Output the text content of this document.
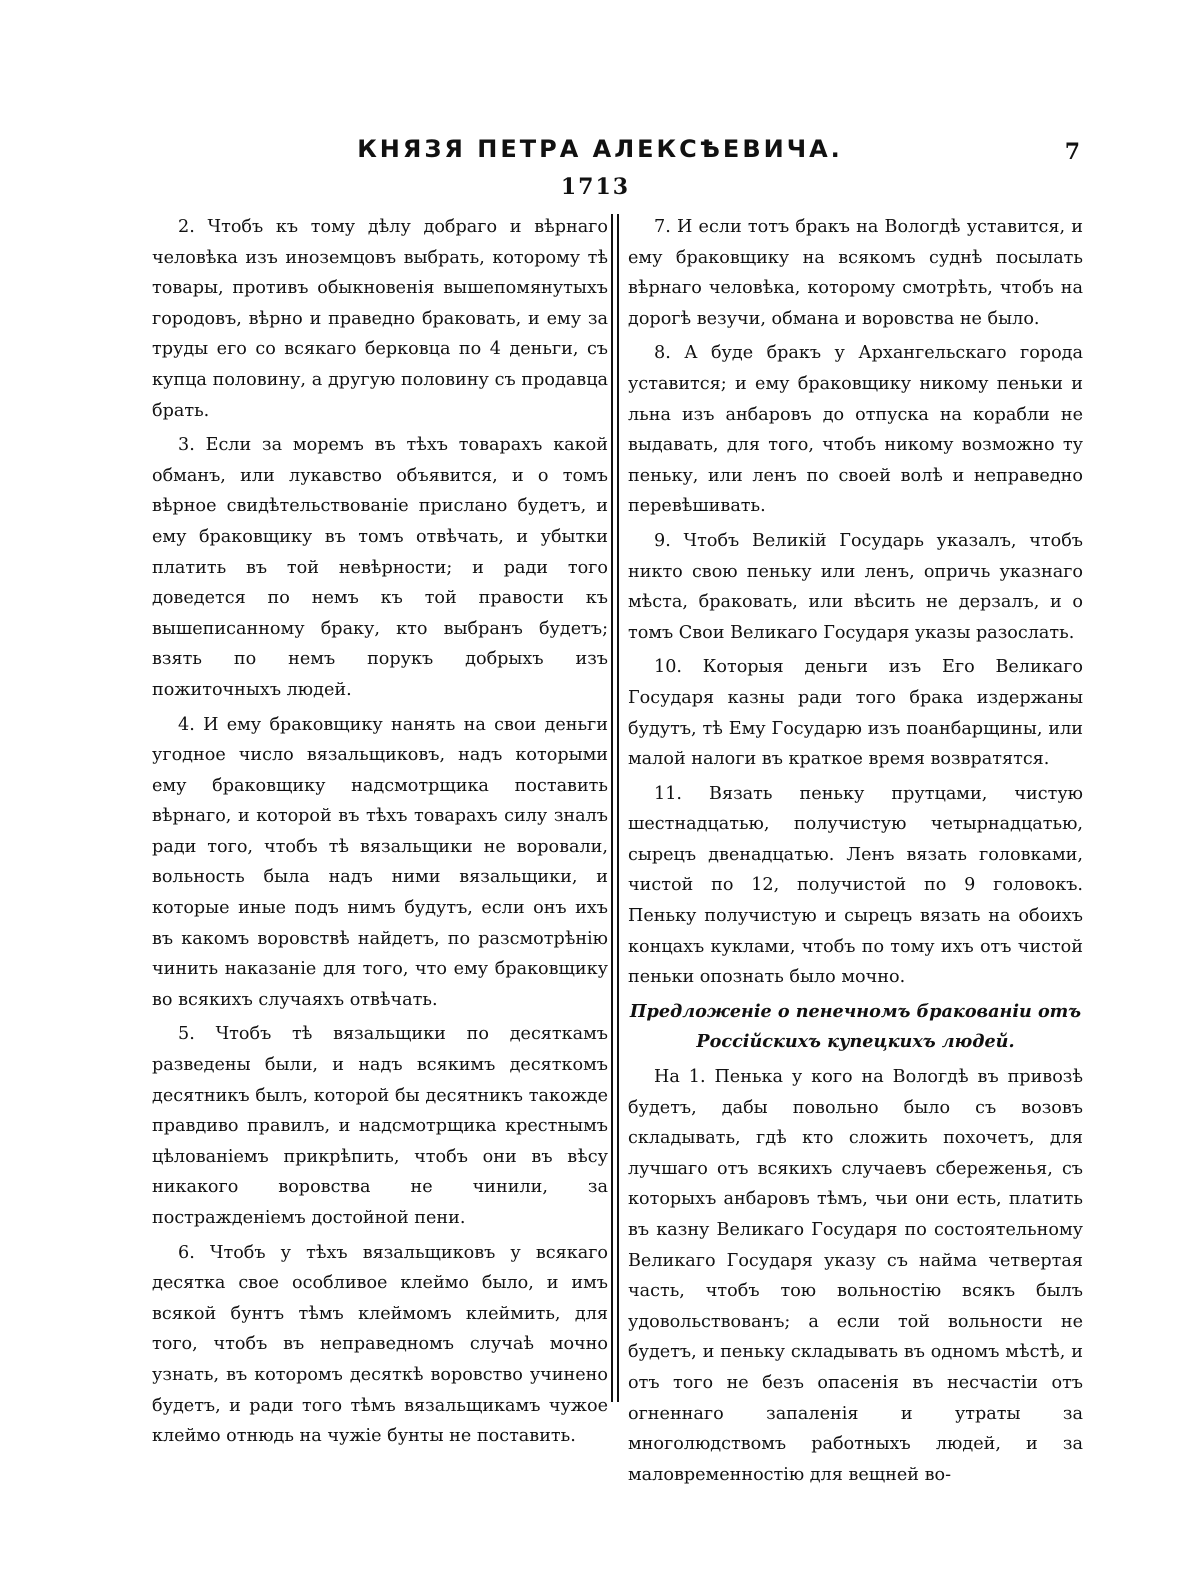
КНЯЗЯ ПЕТРА АЛЕКСѢЕВИЧА.	7
1713

2. Чтобъ къ тому дѣлу добраго и вѣрнаго человѣка изъ иноземцовъ выбрать, которому тѣ товары, противъ обыкновенія вышепомянутыхъ городовъ, вѣрно и праведно браковать, и ему за труды его со всякаго берковца по 4 деньги, съ купца половину, а другую половину съ продавца брать.

3. Если за моремъ въ тѣхъ товарахъ какой обманъ, или лукавство объявится, и о томъ вѣрное свидѣтельствованіе прислано будетъ, и ему браковщику въ томъ отвѣчать, и убытки платить въ той невѣрности; и ради того доведется по немъ къ той правости къ вышеписанному браку, кто выбранъ будетъ; взять по немъ порукъ добрыхъ изъ пожиточныхъ людей.

4. И ему браковщику нанять на свои деньги угодное число вязальщиковъ, надъ которыми ему браковщику надсмотрщика поставить вѣрнаго, и которой въ тѣхъ товарахъ силу зналъ ради того, чтобъ тѣ вязальщики не воровали, вольность была надъ ними вязальщики, и которые иные подъ нимъ будутъ, если онъ ихъ въ какомъ воровствѣ найдетъ, по разсмотрѣнію чинить наказаніе для того, что ему браковщику во всякихъ случаяхъ отвѣчать.

5. Чтобъ тѣ вязальщики по десяткамъ разведены были, и надъ всякимъ десяткомъ десятникъ былъ, которой бы десятникъ такожде правдиво правилъ, и надсмотрщика крестнымъ цѣлованіемъ прикрѣпить, чтобъ они въ вѣсу никакого воровства не чинили, за постражденіемъ достойной пени.

6. Чтобъ у тѣхъ вязальщиковъ у всякаго десятка свое особливое клеймо было, и имъ всякой бунтъ тѣмъ клеймомъ клеймить, для того, чтобъ въ неправедномъ случаѣ мочно узнать, въ которомъ десяткѣ воровство учинено будетъ, и ради того тѣмъ вязальщикамъ чужое клеймо отнюдь на чужіе бунты не поставить.

7. И если тотъ бракъ на Вологдѣ уставится, и ему браковщику на всякомъ суднѣ посылать вѣрнаго человѣка, которому смотрѣть, чтобъ на дорогѣ везучи, обмана и воровства не было.

8. А буде бракъ у Архангельскаго города уставится; и ему браковщику никому пеньки и льна изъ анбаровъ до отпуска на корабли не выдавать, для того, чтобъ никому возможно ту пеньку, или ленъ по своей волѣ и неправедно перевѣшивать.

9. Чтобъ Великій Государь указалъ, чтобъ никто свою пеньку или ленъ, опричь указнаго мѣста, браковать, или вѣсить не дерзалъ, и о томъ Свои Великаго Государя указы разослать.

10. Которыя деньги изъ Его Великаго Государя казны ради того брака издержаны будутъ, тѣ Ему Государю изъ поанбарщины, или малой налоги въ краткое время возвратятся.

11. Вязать пеньку прутцами, чистую шестнадцатью, получистую четырнадцатью, сырецъ двенадцатью. Ленъ вязать головками, чистой по 12, получистой по 9 головокъ. Пеньку получистую и сырецъ вязать на обоихъ концахъ куклами, чтобъ по тому ихъ отъ чистой пеньки опознать было мочно.

Предложеніе о пенечномъ бракованіи отъ Россійскихъ купецкихъ людей.

На 1. Пенька у кого на Вологдѣ въ привозѣ будетъ, дабы повольно было съ возовъ складывать, гдѣ кто сложить похочетъ, для лучшаго отъ всякихъ случаевъ сбереженья, съ которыхъ анбаровъ тѣмъ, чьи они есть, платить въ казну Великаго Государя по состоятельному Великаго Государя указу съ найма четвертая часть, чтобъ тою вольностію всякъ былъ удовольствованъ; а если той вольности не будетъ, и пеньку складывать въ одномъ мѣстѣ, и отъ того не безъ опасенія въ несчастіи отъ огненнаго запаленія и утраты за многолюдствомъ работныхъ людей, и за маловременностію для вещней во-
